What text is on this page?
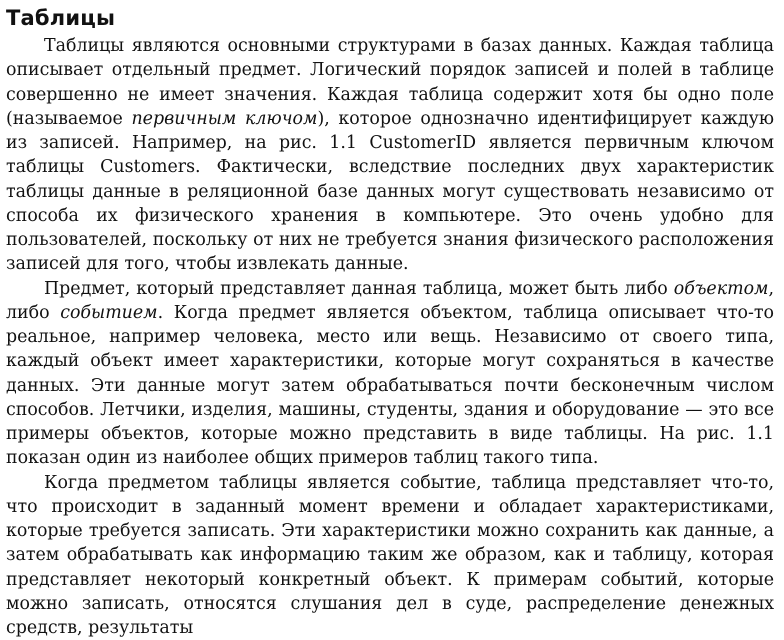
Таблицы

Таблицы являются основными структурами в базах данных. Каждая таблица описывает отдельный предмет. Логический порядок записей и полей в таблице совершенно не имеет значения. Каждая таблица содержит хотя бы одно поле (называемое первичным ключом), которое однозначно идентифицирует каждую из записей. Например, на рис. 1.1 CustomerID является первичным ключом таблицы Customers. Фактически, вследствие последних двух характеристик таблицы данные в реляционной базе данных могут существовать независимо от способа их физического хранения в компьютере. Это очень удобно для пользователей, поскольку от них не требуется знания физического расположения записей для того, чтобы извлекать данные.

Предмет, который представляет данная таблица, может быть либо объектом, либо событием. Когда предмет является объектом, таблица описывает что-то реальное, например человека, место или вещь. Независимо от своего типа, каждый объект имеет характеристики, которые могут сохраняться в качестве данных. Эти данные могут затем обрабатываться почти бесконечным числом способов. Летчики, изделия, машины, студенты, здания и оборудование — это все примеры объектов, которые можно представить в виде таблицы. На рис. 1.1 показан один из наиболее общих примеров таблиц такого типа.

Когда предметом таблицы является событие, таблица представляет что-то, что происходит в заданный момент времени и обладает характеристиками, которые требуется записать. Эти характеристики можно сохранить как данные, а затем обрабатывать как информацию таким же образом, как и таблицу, которая представляет некоторый конкретный объект. К примерам событий, которые можно записать, относятся слушания дел в суде, распределение денежных средств, результаты
